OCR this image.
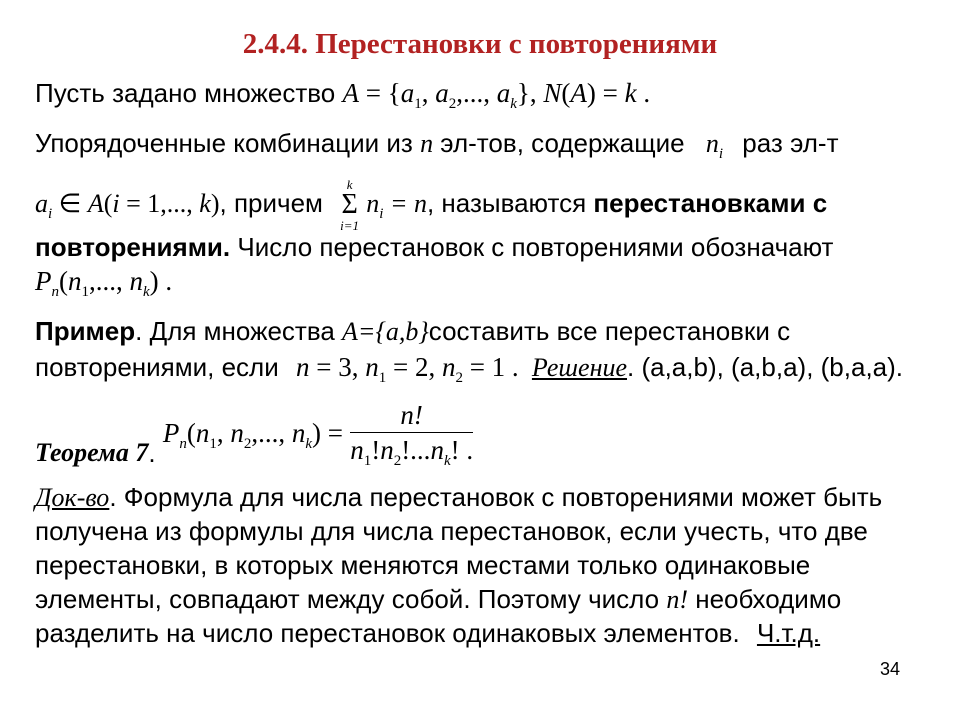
2.4.4. Перестановки с повторениями
Пусть задано множество $A = \{a_1$, $a_2$,..., $a_k$}, N(A) = k .
Упорядоченные комбинации из n эл-тов, содержащие $n_i$ раз эл-т
$a_i$ ∈ A(i = 1,..., k), причем
k
Σ
i=1
$n_i = n$, называются перестановками с
повторениями. Число перестановок с повторениями обозначают
$P_n(n_1$,..., $n_k$) .
Пример. Для множества A={a,b}составить все перестановки с
повторениями, если n = 3, $n_1 = 2$, $n_2 = 1$ . Решение. (a,a,b), (a,b,a), (b,a,a).
Теорема 7. $P_n(n_1$, $n_2$,..., $n_k) = \frac{n!}{n_1!n_2!...n_k! .}$
Док-во. Формула для числа перестановок с повторениями может быть
получена из формулы для числа перестановок, если учесть, что две
перестановки, в которых меняются местами только одинаковые
элементы, совпадают между собой. Поэтому число n! необходимо
разделить на число перестановок одинаковых элементов. Ч.т.д.
34
